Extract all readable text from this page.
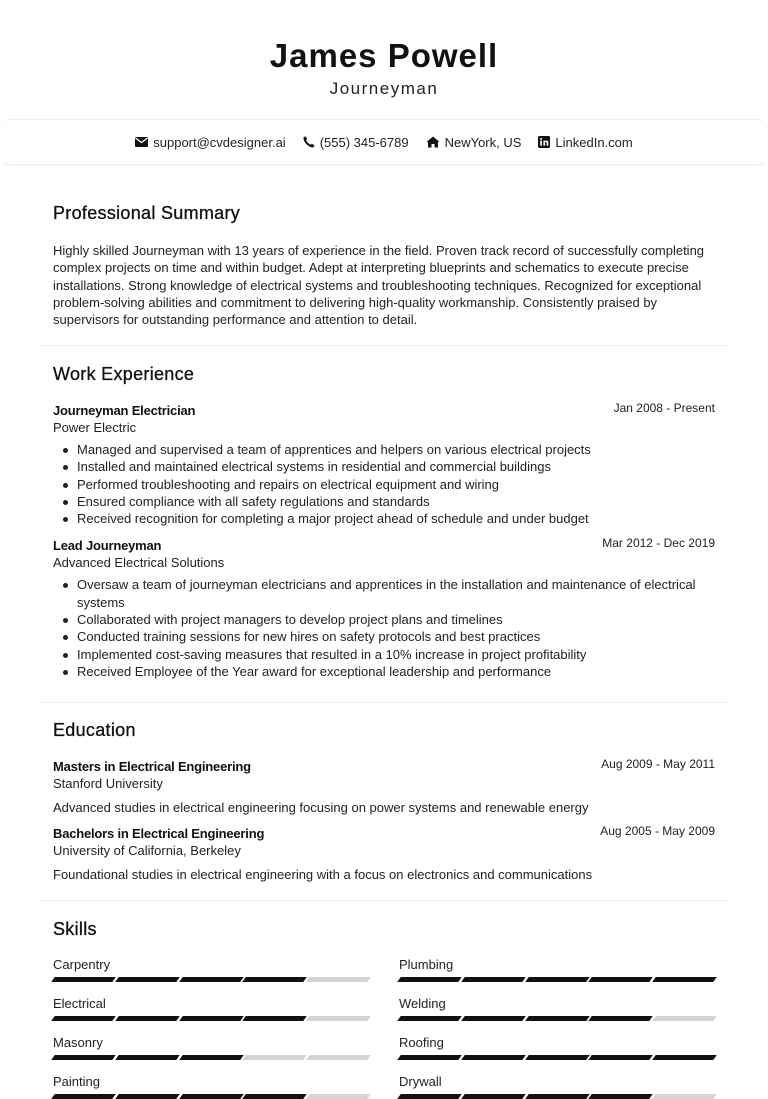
James Powell
Journeyman
support@cvdesigner.ai	(555) 345-6789	NewYork, US	LinkedIn.com
Professional Summary
Highly skilled Journeyman with 13 years of experience in the field. Proven track record of successfully completing complex projects on time and within budget. Adept at interpreting blueprints and schematics to execute precise installations. Strong knowledge of electrical systems and troubleshooting techniques. Recognized for exceptional problem-solving abilities and commitment to delivering high-quality workmanship. Consistently praised by supervisors for outstanding performance and attention to detail.
Work Experience
Journeyman Electrician	Jan 2008 - Present
Power Electric
Managed and supervised a team of apprentices and helpers on various electrical projects
Installed and maintained electrical systems in residential and commercial buildings
Performed troubleshooting and repairs on electrical equipment and wiring
Ensured compliance with all safety regulations and standards
Received recognition for completing a major project ahead of schedule and under budget
Lead Journeyman	Mar 2012 - Dec 2019
Advanced Electrical Solutions
Oversaw a team of journeyman electricians and apprentices in the installation and maintenance of electrical systems
Collaborated with project managers to develop project plans and timelines
Conducted training sessions for new hires on safety protocols and best practices
Implemented cost-saving measures that resulted in a 10% increase in project profitability
Received Employee of the Year award for exceptional leadership and performance
Education
Masters in Electrical Engineering	Aug 2009 - May 2011
Stanford University
Advanced studies in electrical engineering focusing on power systems and renewable energy
Bachelors in Electrical Engineering	Aug 2005 - May 2009
University of California, Berkeley
Foundational studies in electrical engineering with a focus on electronics and communications
Skills
Carpentry	Plumbing
Electrical	Welding
Masonry	Roofing
Painting	Drywall
